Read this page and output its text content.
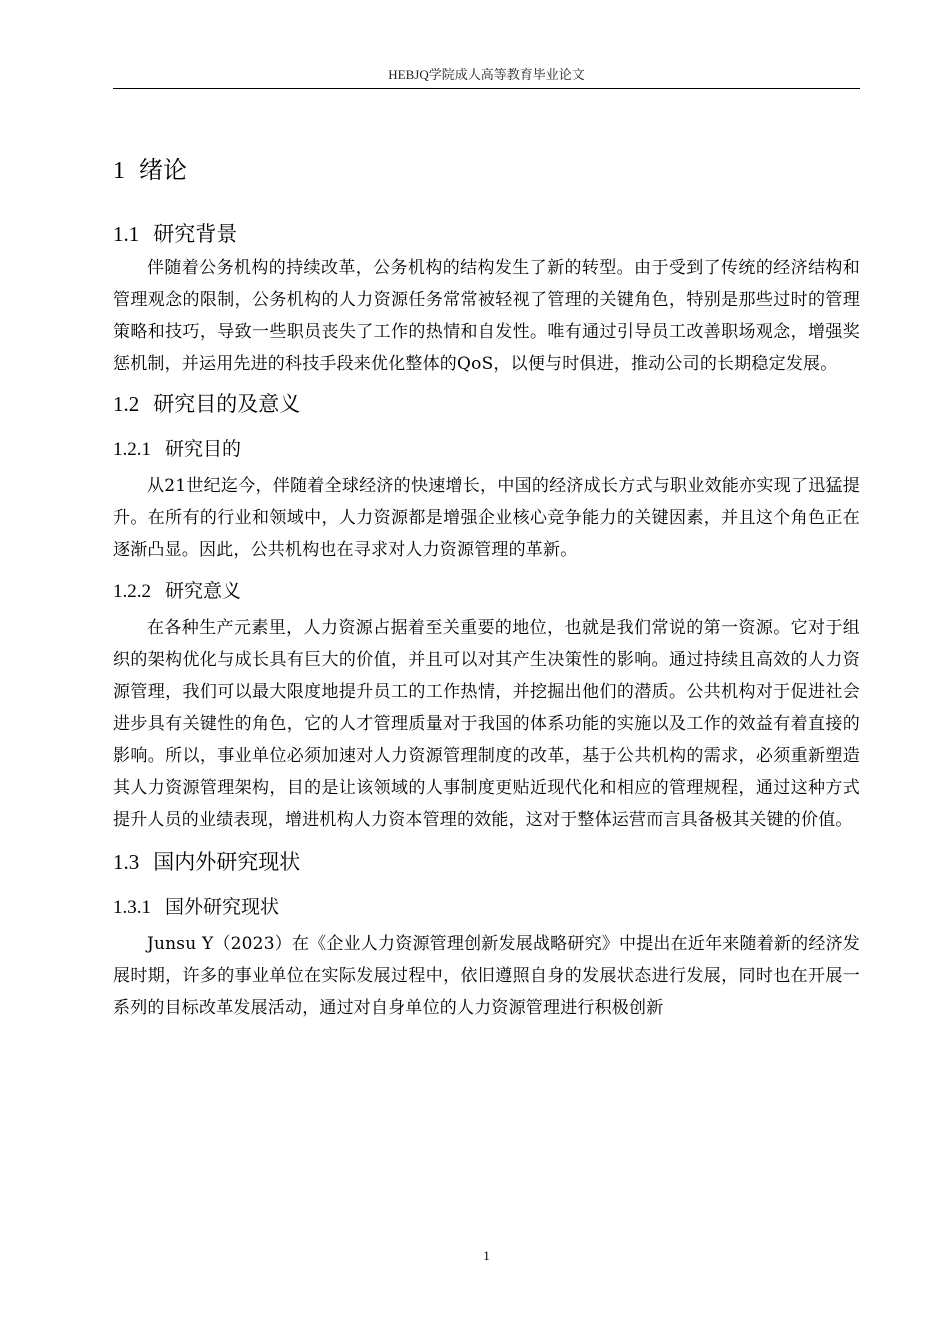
HEBJQ学院成人高等教育毕业论文
1 绪论
1.1 研究背景

伴随着公务机构的持续改革，公务机构的结构发生了新的转型。由于受到了传统的经济结构和管理观念的限制，公务机构的人力资源任务常常被轻视了管理的关键角色，特别是那些过时的管理策略和技巧，导致一些职员丧失了工作的热情和自发性。唯有通过引导员工改善职场观念，增强奖惩机制，并运用先进的科技手段来优化整体的QoS，以便与时俱进，推动公司的长期稳定发展。

1.2 研究目的及意义
1.2.1 研究目的

从21世纪迄今，伴随着全球经济的快速增长，中国的经济成长方式与职业效能亦实现了迅猛提升。在所有的行业和领域中，人力资源都是增强企业核心竞争能力的关键因素，并且这个角色正在逐渐凸显。因此，公共机构也在寻求对人力资源管理的革新。

1.2.2 研究意义

在各种生产元素里，人力资源占据着至关重要的地位，也就是我们常说的第一资源。它对于组织的架构优化与成长具有巨大的价值，并且可以对其产生决策性的影响。通过持续且高效的人力资源管理，我们可以最大限度地提升员工的工作热情，并挖掘出他们的潜质。公共机构对于促进社会进步具有关键性的角色，它的人才管理质量对于我国的体系功能的实施以及工作的效益有着直接的影响。所以，事业单位必须加速对人力资源管理制度的改革，基于公共机构的需求，必须重新塑造其人力资源管理架构，目的是让该领域的人事制度更贴近现代化和相应的管理规程，通过这种方式提升人员的业绩表现，增进机构人力资本管理的效能，这对于整体运营而言具备极其关键的价值。

1.3 国内外研究现状
1.3.1 国外研究现状

Junsu Y（2023）在《企业人力资源管理创新发展战略研究》中提出在近年来随着新的经济发展时期，许多的事业单位在实际发展过程中，依旧遵照自身的发展状态进行发展，同时也在开展一系列的目标改革发展活动，通过对自身单位的人力资源管理进行积极创新

1
